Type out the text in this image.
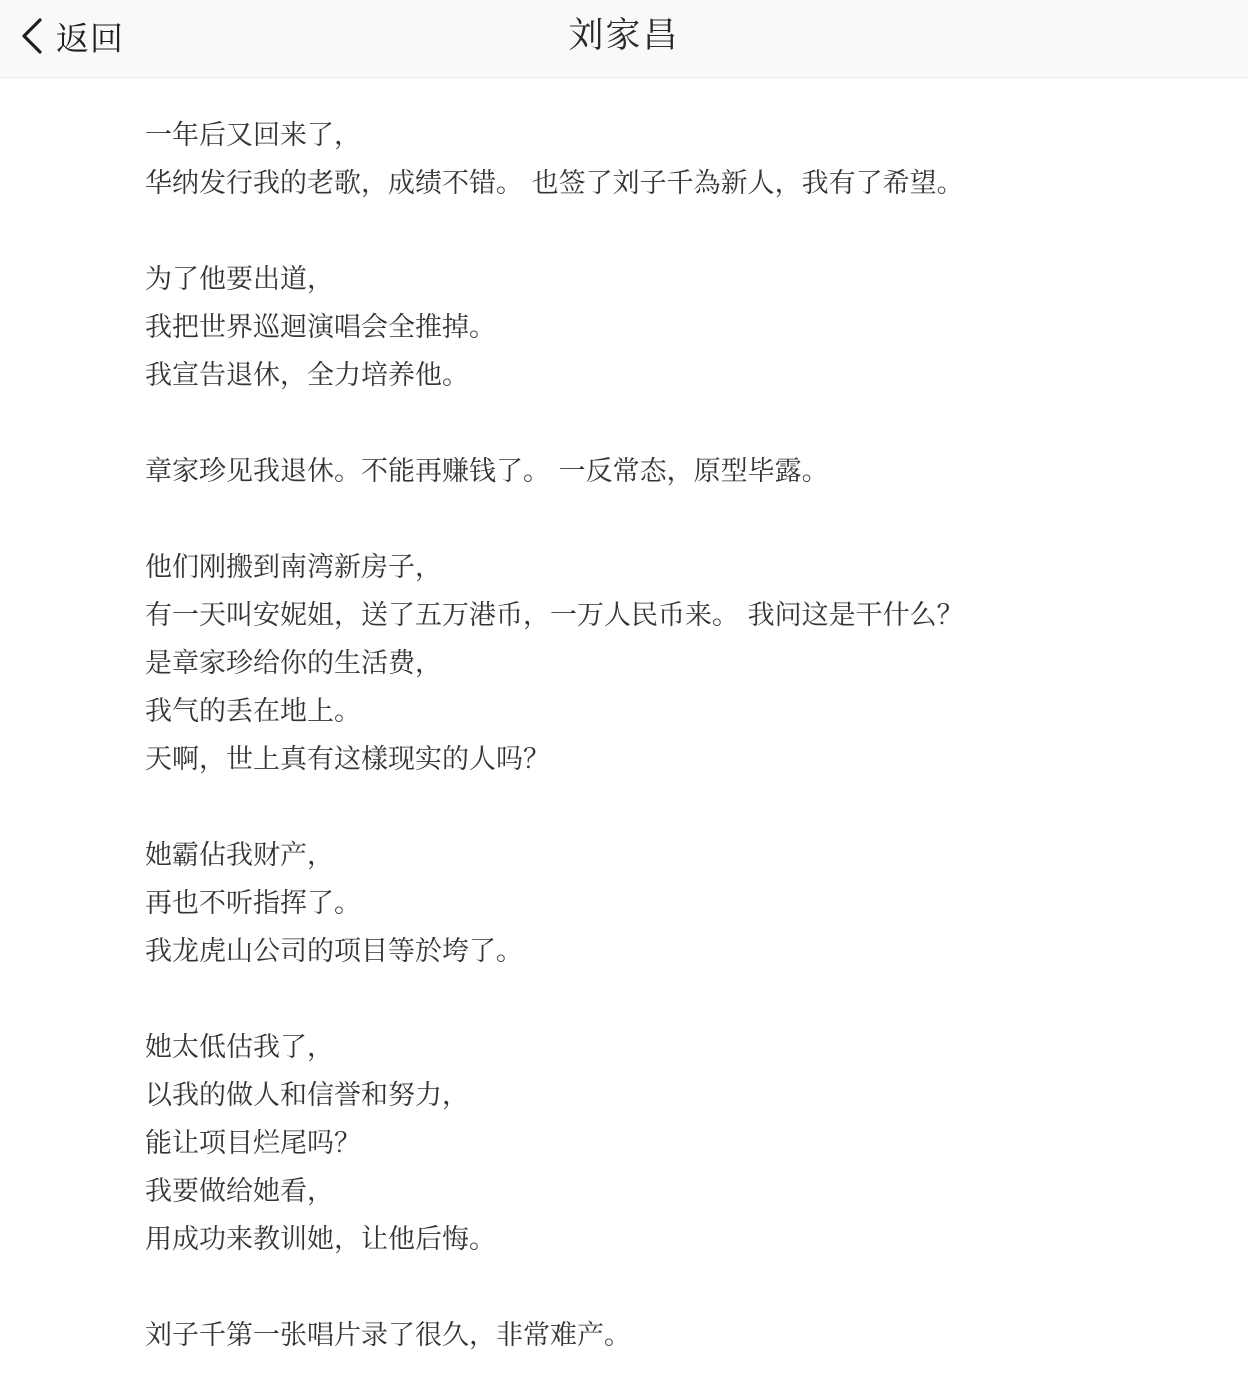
返回	刘家昌
一年后又回来了，
华纳发行我的老歌，成绩不错。 也签了刘子千為新人，我有了希望。
为了他要出道，
我把世界巡迴演唱会全推掉。
我宣告退休，全力培养他。
章家珍见我退休。不能再赚钱了。 一反常态，原型毕露。
他们刚搬到南湾新房子，
有一天叫安妮姐，送了五万港币，一万人民币来。 我问这是干什么？
是章家珍给你的生活费，
我气的丢在地上。
天啊，世上真有这樣现实的人吗？
她霸佔我财产，
再也不听指挥了。
我龙虎山公司的项目等於垮了。
她太低估我了，
以我的做人和信誉和努力，
能让项目烂尾吗？
我要做给她看，
用成功来教训她，让他后悔。
刘子千第一张唱片录了很久，非常难产。
